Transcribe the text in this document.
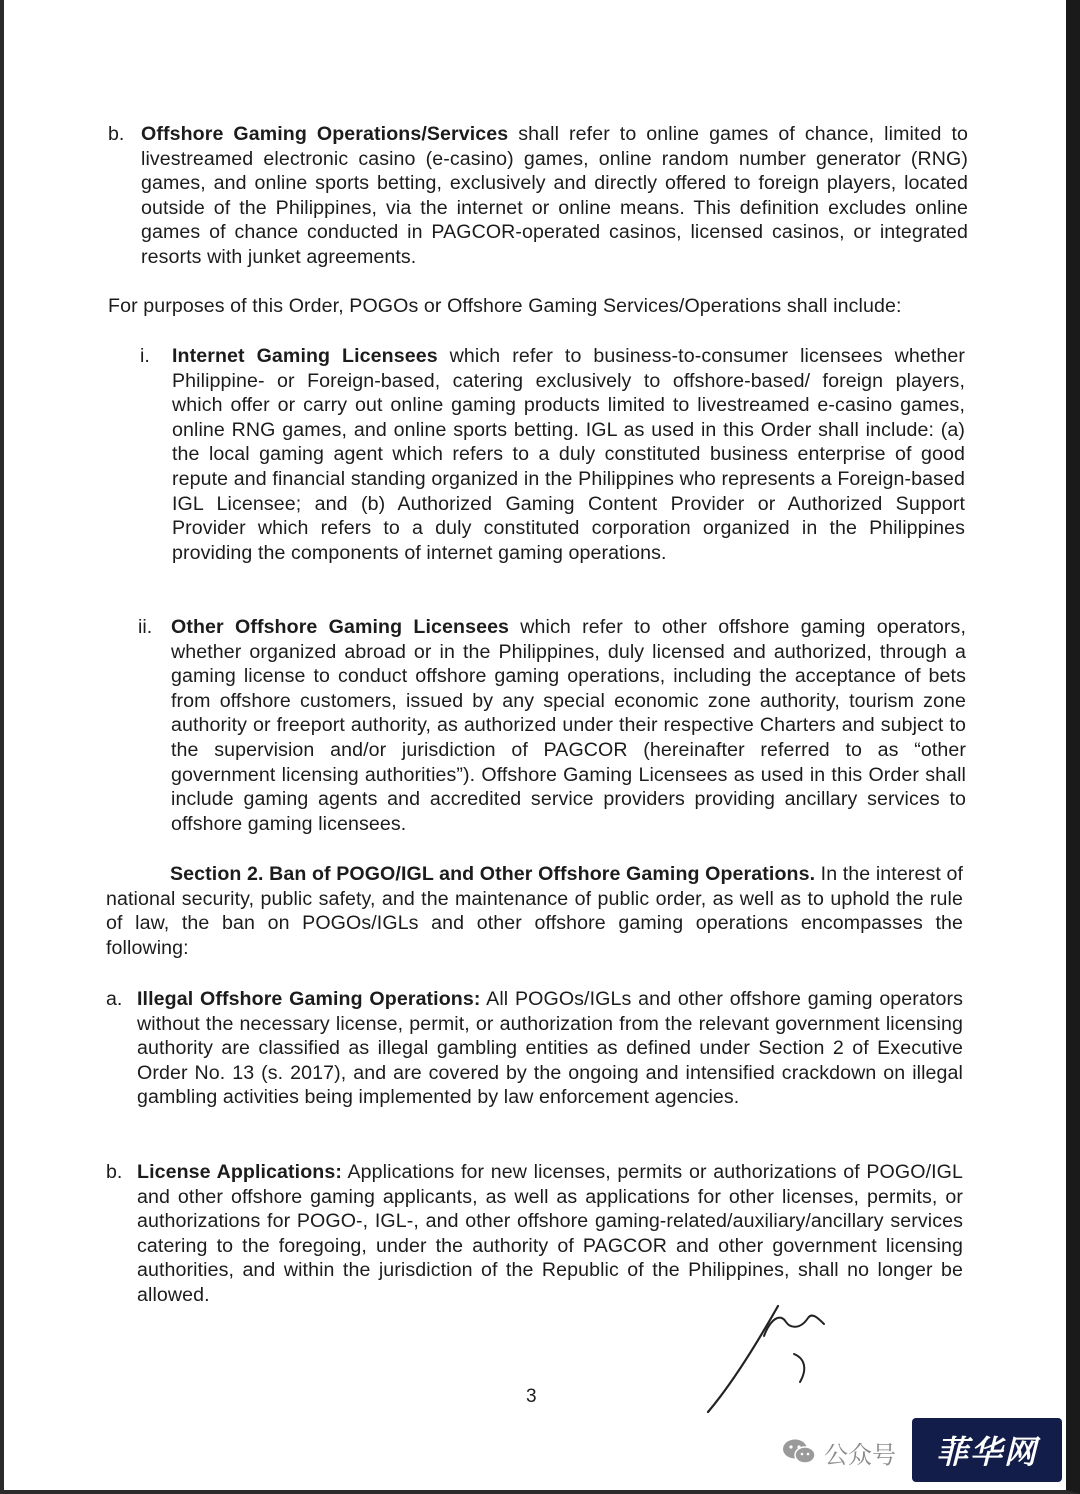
b. Offshore Gaming Operations/Services shall refer to online games of chance, limited to livestreamed electronic casino (e-casino) games, online random number generator (RNG) games, and online sports betting, exclusively and directly offered to foreign players, located outside of the Philippines, via the internet or online means. This definition excludes online games of chance conducted in PAGCOR-operated casinos, licensed casinos, or integrated resorts with junket agreements.
For purposes of this Order, POGOs or Offshore Gaming Services/Operations shall include:
i. Internet Gaming Licensees which refer to business-to-consumer licensees whether Philippine- or Foreign-based, catering exclusively to offshore-based/ foreign players, which offer or carry out online gaming products limited to livestreamed e-casino games, online RNG games, and online sports betting. IGL as used in this Order shall include: (a) the local gaming agent which refers to a duly constituted business enterprise of good repute and financial standing organized in the Philippines who represents a Foreign-based IGL Licensee; and (b) Authorized Gaming Content Provider or Authorized Support Provider which refers to a duly constituted corporation organized in the Philippines providing the components of internet gaming operations.
ii. Other Offshore Gaming Licensees which refer to other offshore gaming operators, whether organized abroad or in the Philippines, duly licensed and authorized, through a gaming license to conduct offshore gaming operations, including the acceptance of bets from offshore customers, issued by any special economic zone authority, tourism zone authority or freeport authority, as authorized under their respective Charters and subject to the supervision and/or jurisdiction of PAGCOR (hereinafter referred to as “other government licensing authorities”). Offshore Gaming Licensees as used in this Order shall include gaming agents and accredited service providers providing ancillary services to offshore gaming licensees.
Section 2. Ban of POGO/IGL and Other Offshore Gaming Operations. In the interest of national security, public safety, and the maintenance of public order, as well as to uphold the rule of law, the ban on POGOs/IGLs and other offshore gaming operations encompasses the following:
a. Illegal Offshore Gaming Operations: All POGOs/IGLs and other offshore gaming operators without the necessary license, permit, or authorization from the relevant government licensing authority are classified as illegal gambling entities as defined under Section 2 of Executive Order No. 13 (s. 2017), and are covered by the ongoing and intensified crackdown on illegal gambling activities being implemented by law enforcement agencies.
b. License Applications: Applications for new licenses, permits or authorizations of POGO/IGL and other offshore gaming applicants, as well as applications for other licenses, permits, or authorizations for POGO-, IGL-, and other offshore gaming-related/auxiliary/ancillary services catering to the foregoing, under the authority of PAGCOR and other government licensing authorities, and within the jurisdiction of the Republic of the Philippines, shall no longer be allowed.
3
公众号	菲华网
